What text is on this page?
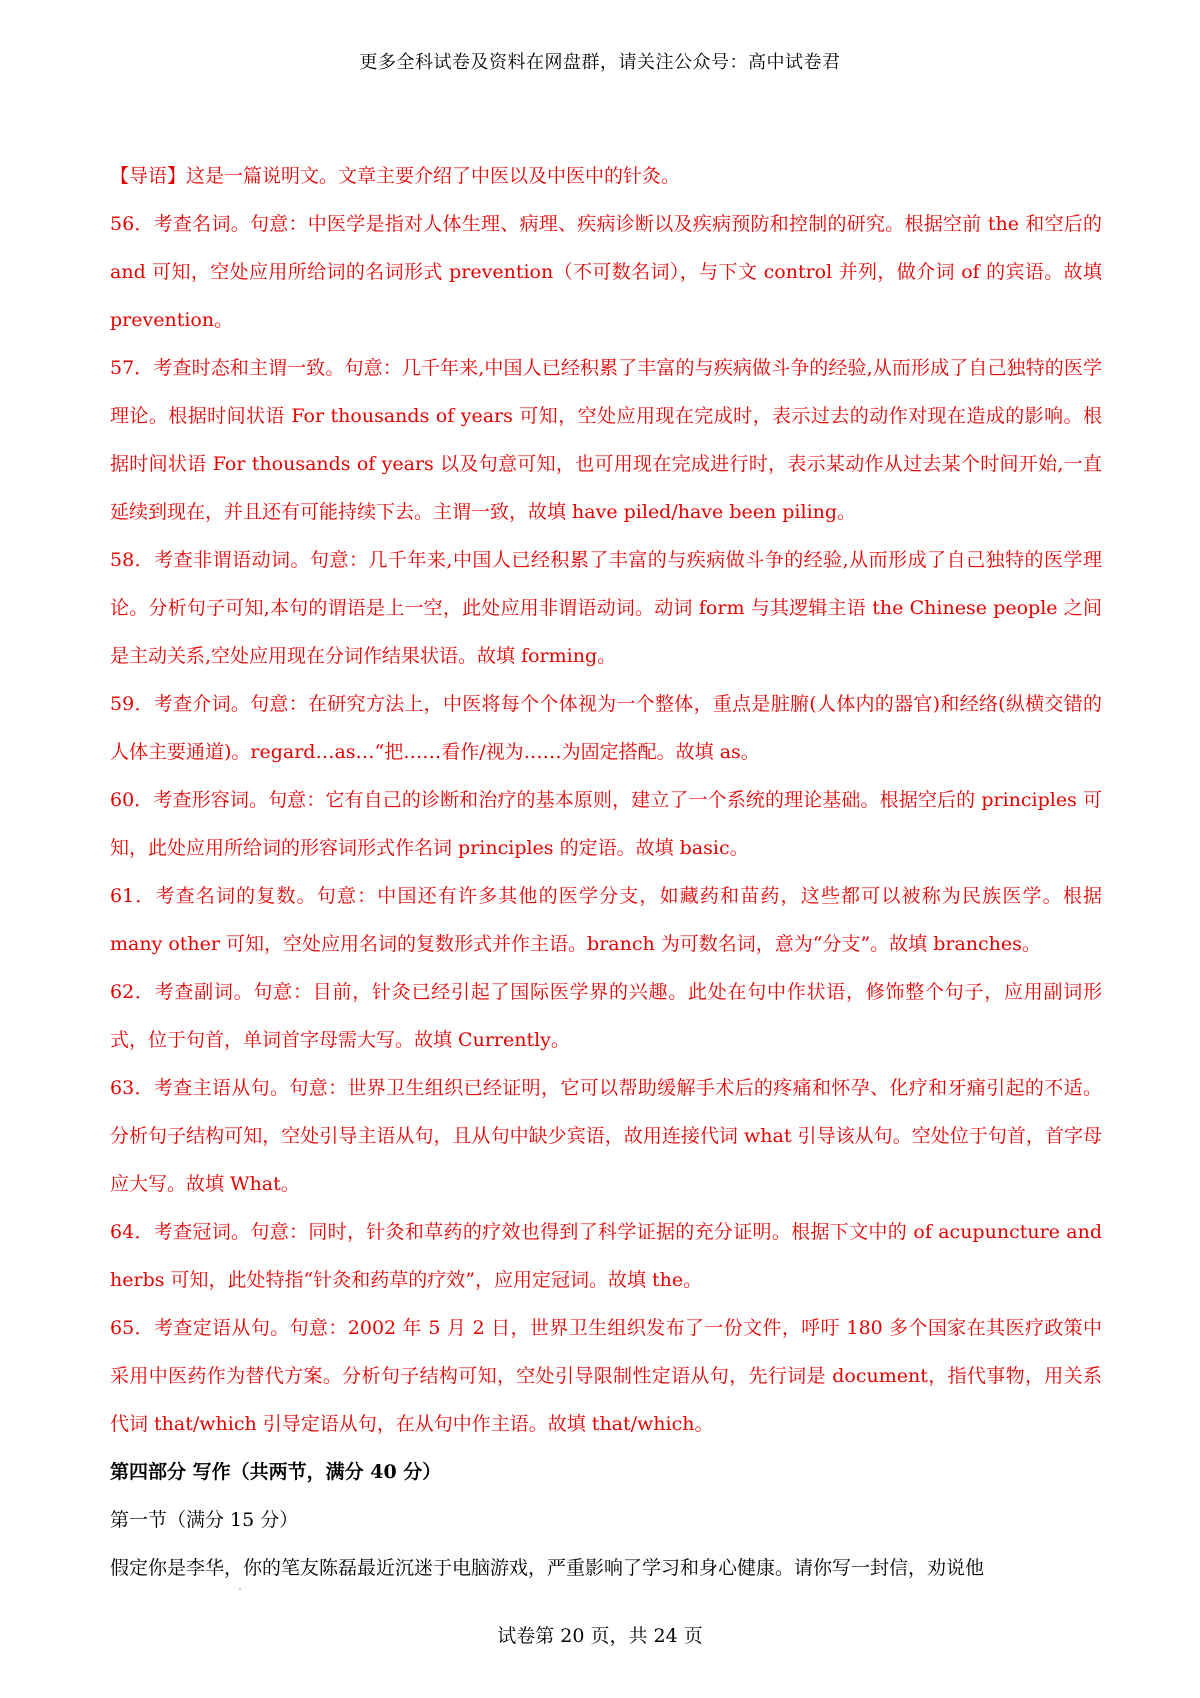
更多全科试卷及资料在网盘群，请关注公众号：高中试卷君

【导语】这是一篇说明文。文章主要介绍了中医以及中医中的针灸。

56．考查名词。句意：中医学是指对人体生理、病理、疾病诊断以及疾病预防和控制的研究。根据空前 the 和空后的 and 可知，空处应用所给词的名词形式 prevention（不可数名词），与下文 control 并列，做介词 of 的宾语。故填 prevention。

57．考查时态和主谓一致。句意：几千年来,中国人已经积累了丰富的与疾病做斗争的经验,从而形成了自己独特的医学理论。根据时间状语 For thousands of years 可知，空处应用现在完成时，表示过去的动作对现在造成的影响。根据时间状语 For thousands of years 以及句意可知，也可用现在完成进行时，表示某动作从过去某个时间开始,一直延续到现在，并且还有可能持续下去。主谓一致，故填 have piled/have been piling。

58．考查非谓语动词。句意：几千年来,中国人已经积累了丰富的与疾病做斗争的经验,从而形成了自己独特的医学理论。分析句子可知,本句的谓语是上一空，此处应用非谓语动词。动词 form 与其逻辑主语 the Chinese people 之间是主动关系,空处应用现在分词作结果状语。故填 forming。

59．考查介词。句意：在研究方法上，中医将每个个体视为一个整体，重点是脏腑(人体内的器官)和经络(纵横交错的人体主要通道)。regard…as…“把……看作/视为……为固定搭配。故填 as。

60．考查形容词。句意：它有自己的诊断和治疗的基本原则，建立了一个系统的理论基础。根据空后的 principles 可知，此处应用所给词的形容词形式作名词 principles 的定语。故填 basic。

61．考查名词的复数。句意：中国还有许多其他的医学分支，如藏药和苗药，这些都可以被称为民族医学。根据 many other 可知，空处应用名词的复数形式并作主语。branch 为可数名词，意为“分支”。故填 branches。

62．考查副词。句意：目前，针灸已经引起了国际医学界的兴趣。此处在句中作状语，修饰整个句子，应用副词形式，位于句首，单词首字母需大写。故填 Currently。

63．考查主语从句。句意：世界卫生组织已经证明，它可以帮助缓解手术后的疼痛和怀孕、化疗和牙痛引起的不适。分析句子结构可知，空处引导主语从句，且从句中缺少宾语，故用连接代词 what 引导该从句。空处位于句首，首字母应大写。故填 What。

64．考查冠词。句意：同时，针灸和草药的疗效也得到了科学证据的充分证明。根据下文中的 of acupuncture and herbs 可知，此处特指“针灸和药草的疗效”，应用定冠词。故填 the。

65．考查定语从句。句意：2002 年 5 月 2 日，世界卫生组织发布了一份文件，呼吁 180 多个国家在其医疗政策中采用中医药作为替代方案。分析句子结构可知，空处引导限制性定语从句，先行词是 document，指代事物，用关系代词 that/which 引导定语从句，在从句中作主语。故填 that/which。

第四部分 写作（共两节，满分 40 分）

第一节（满分 15 分）

假定你是李华，你的笔友陈磊最近沉迷于电脑游戏，严重影响了学习和身心健康。请你写一封信，劝说他

试卷第 20 页，共 24 页
